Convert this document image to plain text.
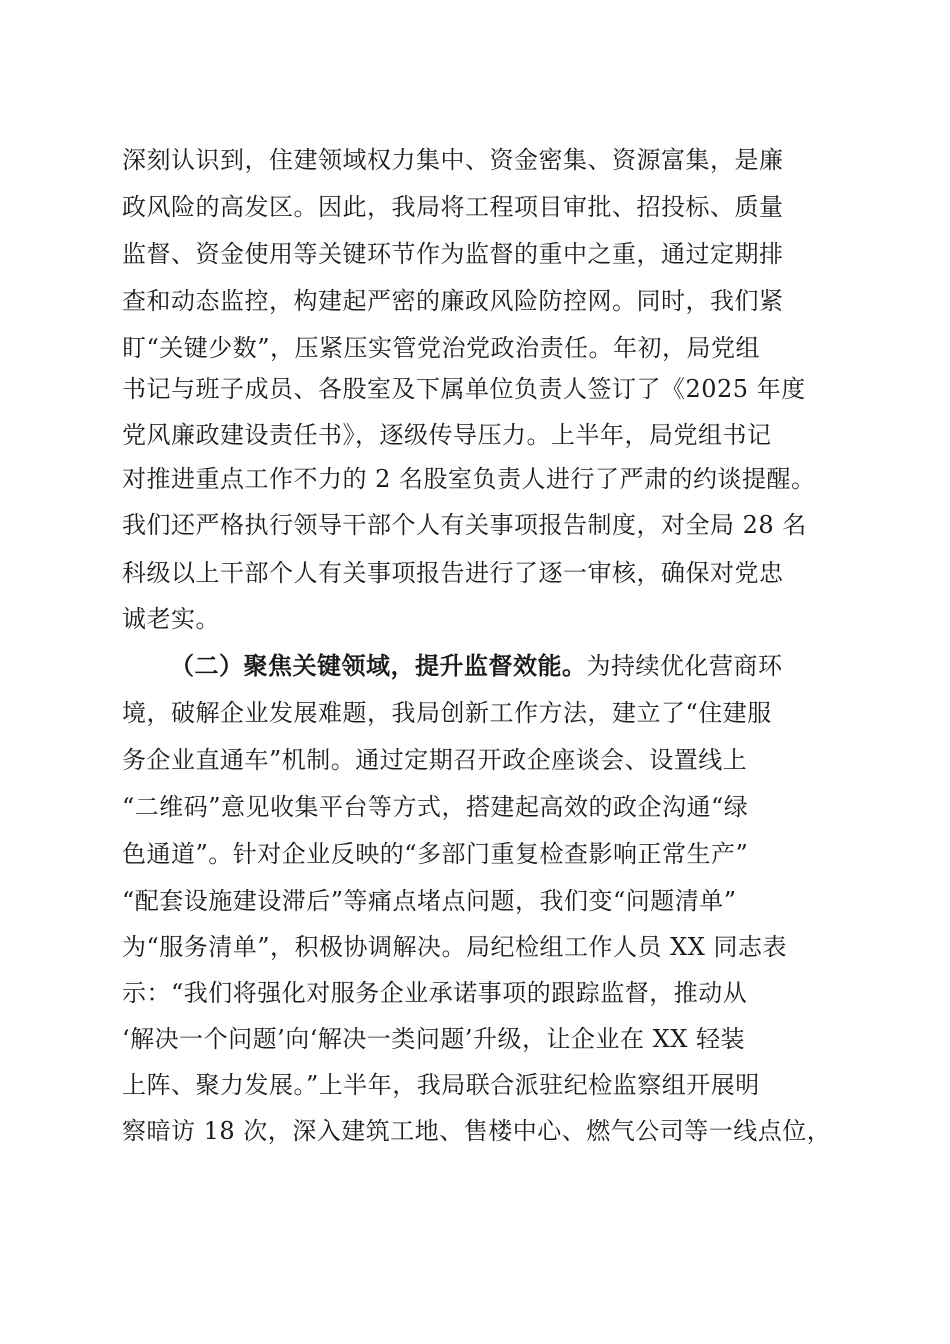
深刻认识到，住建领域权力集中、资金密集、资源富集，是廉
政风险的高发区。因此，我局将工程项目审批、招投标、质量
监督、资金使用等关键环节作为监督的重中之重，通过定期排
查和动态监控，构建起严密的廉政风险防控网。同时，我们紧
盯“关键少数”，压紧压实管党治党政治责任。年初，局党组
书记与班子成员、各股室及下属单位负责人签订了《2025 年度
党风廉政建设责任书》，逐级传导压力。上半年，局党组书记
对推进重点工作不力的 2 名股室负责人进行了严肃的约谈提醒。
我们还严格执行领导干部个人有关事项报告制度，对全局 28 名
科级以上干部个人有关事项报告进行了逐一审核，确保对党忠
诚老实。
（二）聚焦关键领域，提升监督效能。为持续优化营商环
境，破解企业发展难题，我局创新工作方法，建立了“住建服
务企业直通车”机制。通过定期召开政企座谈会、设置线上
“二维码”意见收集平台等方式，搭建起高效的政企沟通“绿
色通道”。针对企业反映的“多部门重复检查影响正常生产”
“配套设施建设滞后”等痛点堵点问题，我们变“问题清单”
为“服务清单”，积极协调解决。局纪检组工作人员 XX 同志表
示：“我们将强化对服务企业承诺事项的跟踪监督，推动从
‘解决一个问题’向‘解决一类问题’升级，让企业在 XX 轻装
上阵、聚力发展。”上半年，我局联合派驻纪检监察组开展明
察暗访 18 次，深入建筑工地、售楼中心、燃气公司等一线点位，
